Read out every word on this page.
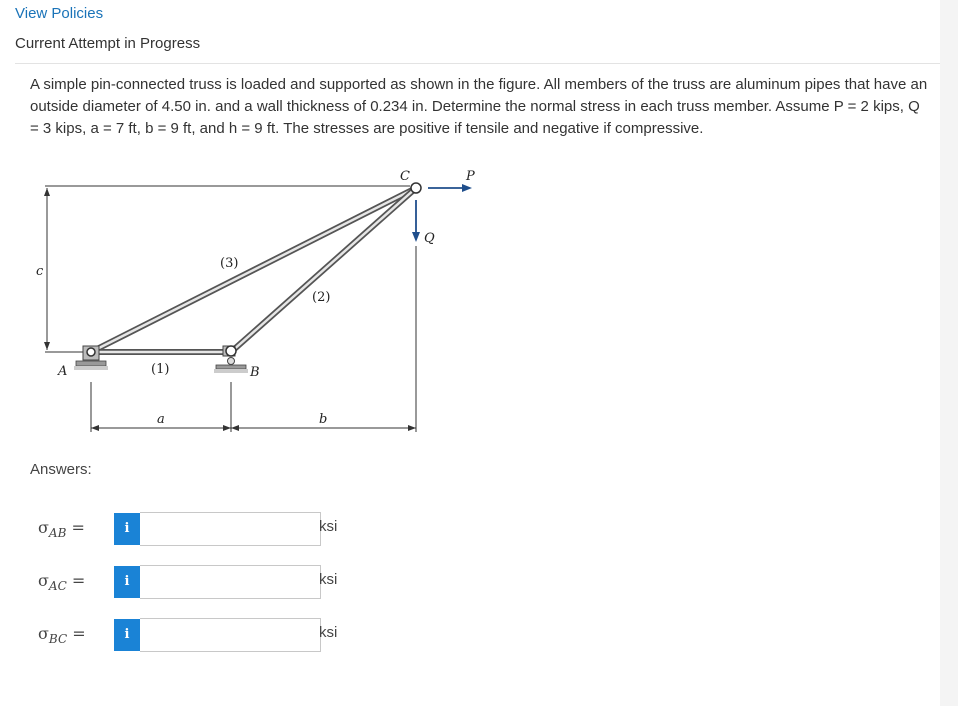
View Policies
Current Attempt in Progress
A simple pin-connected truss is loaded and supported as shown in the figure. All members of the truss are aluminum pipes that have an outside diameter of 4.50 in. and a wall thickness of 0.234 in. Determine the normal stress in each truss member. Assume P = 2 kips, Q = 3 kips, a = 7 ft, b = 9 ft, and h = 9 ft. The stresses are positive if tensile and negative if compressive.
c
A	B
C	P
Q
(3)
(2)
(1)
a	b
Answers:
$\sigma_{AB}$ =	i	ksi
$\sigma_{AC}$ =	i	ksi
$\sigma_{BC}$ =	i	ksi
